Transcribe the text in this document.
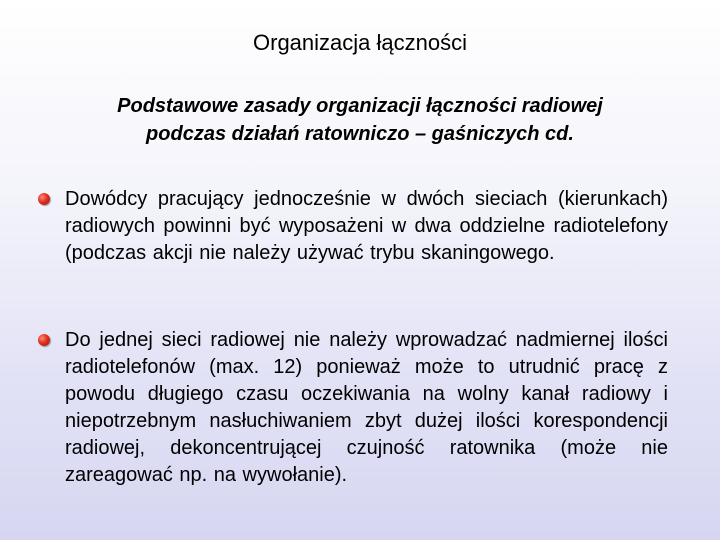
Organizacja łączności
Podstawowe zasady organizacji łączności radiowej
podczas działań ratowniczo – gaśniczych cd.

Dowódcy pracujący jednocześnie w dwóch sieciach (kierunkach) radiowych powinni być wyposażeni w dwa oddzielne radiotelefony (podczas akcji nie należy używać trybu skaningowego.

Do jednej sieci radiowej nie należy wprowadzać nadmiernej ilości radiotelefonów (max. 12) ponieważ może to utrudnić pracę z powodu długiego czasu oczekiwania na wolny kanał radiowy i niepotrzebnym nasłuchiwaniem zbyt dużej ilości korespondencji radiowej, dekoncentrującej czujność ratownika (może nie zareagować np. na wywołanie).
